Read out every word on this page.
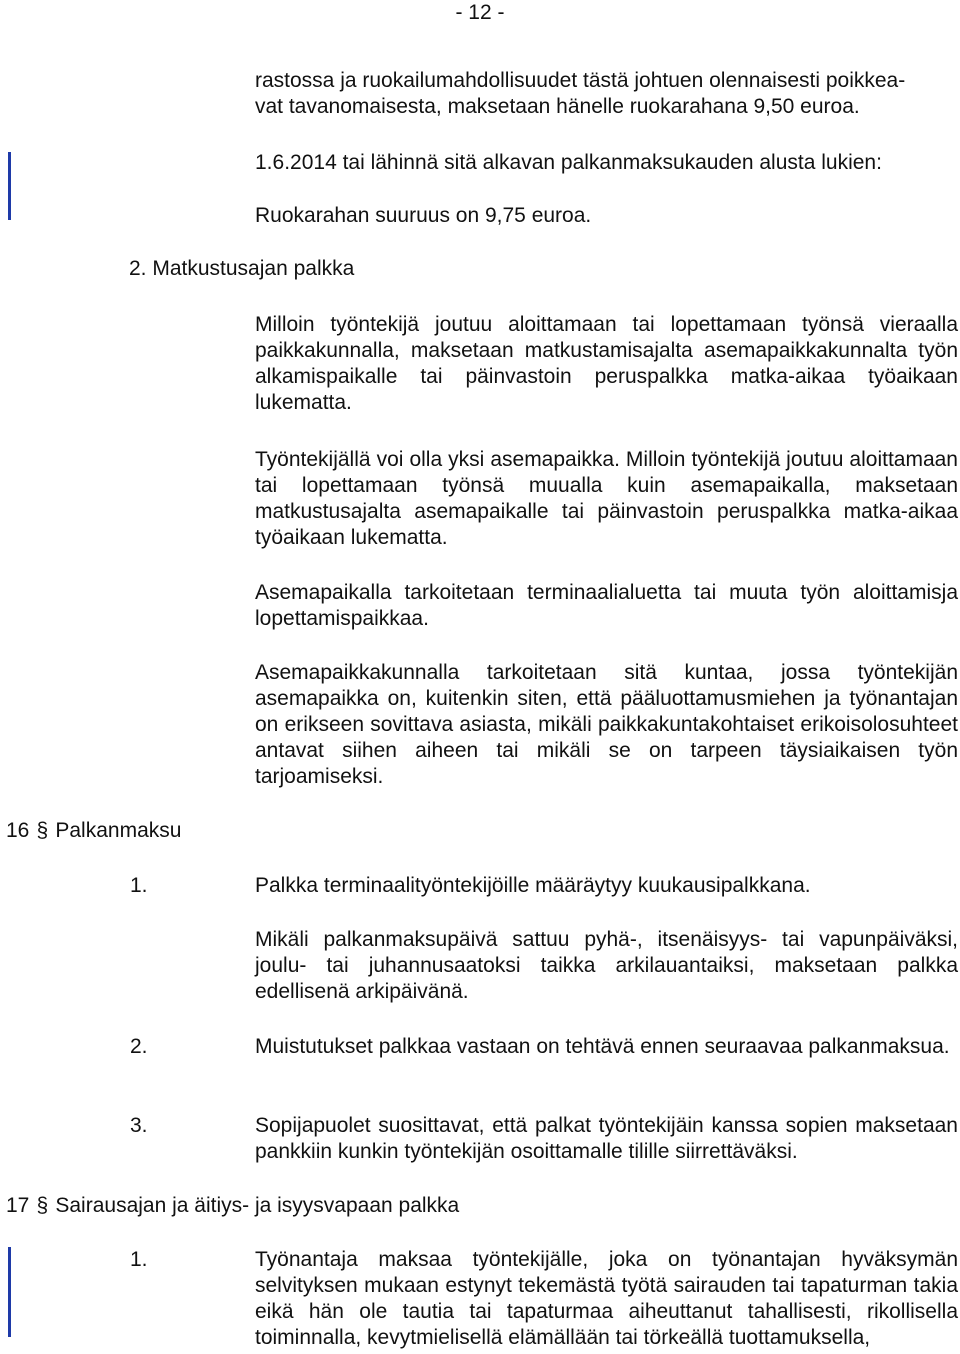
- 12 -
rastossa ja ruokailumahdollisuudet tästä johtuen olennaisesti poikkea-
vat tavanomaisesta, maksetaan hänelle ruokarahana 9,50 euroa.
1.6.2014 tai lähinnä sitä alkavan palkanmaksukauden alusta lukien:
Ruokarahan suuruus on 9,75 euroa.
2. Matkustusajan palkka
Milloin työntekijä joutuu aloittamaan tai lopettamaan työnsä vieraalla paikkakunnalla, maksetaan matkustamisajalta asemapaikkakunnalta työn alkamispaikalle tai päinvastoin peruspalkka matka-aikaa työaikaan lukematta.
Työntekijällä voi olla yksi asemapaikka. Milloin työntekijä joutuu aloittamaan tai lopettamaan työnsä muualla kuin asemapaikalla, maksetaan matkustusajalta asemapaikalle tai päinvastoin peruspalkka matka-aikaa työaikaan lukematta.
Asemapaikalla tarkoitetaan terminaalialuetta tai muuta työn aloittamisja lopettamispaikkaa.
Asemapaikkakunnalla tarkoitetaan sitä kuntaa, jossa työntekijän asemapaikka on, kuitenkin siten, että pääluottamusmiehen ja työnantajan on erikseen sovittava asiasta, mikäli paikkakuntakohtaiset erikoisolosuhteet antavat siihen aiheen tai mikäli se on tarpeen täysiaikaisen työn tarjoamiseksi.
16 § Palkanmaksu
1.	Palkka terminaalityöntekijöille määräytyy kuukausipalkkana.
Mikäli palkanmaksupäivä sattuu pyhä-, itsenäisyys- tai vapunpäiväksi, joulu- tai juhannusaatoksi taikka arkilauantaiksi, maksetaan palkka edellisenä arkipäivänä.
2.	Muistutukset palkkaa vastaan on tehtävä ennen seuraavaa palkanmaksua.
3.	Sopijapuolet suosittavat, että palkat työntekijäin kanssa sopien maksetaan pankkiin kunkin työntekijän osoittamalle tilille siirrettäväksi.
17 § Sairausajan ja äitiys- ja isyysvapaan palkka
1.	Työnantaja maksaa työntekijälle, joka on työnantajan hyväksymän selvityksen mukaan estynyt tekemästä työtä sairauden tai tapaturman takia eikä hän ole tautia tai tapaturmaa aiheuttanut tahallisesti, rikollisella toiminnalla, kevytmielisellä elämällään tai törkeällä tuottamuksella,
